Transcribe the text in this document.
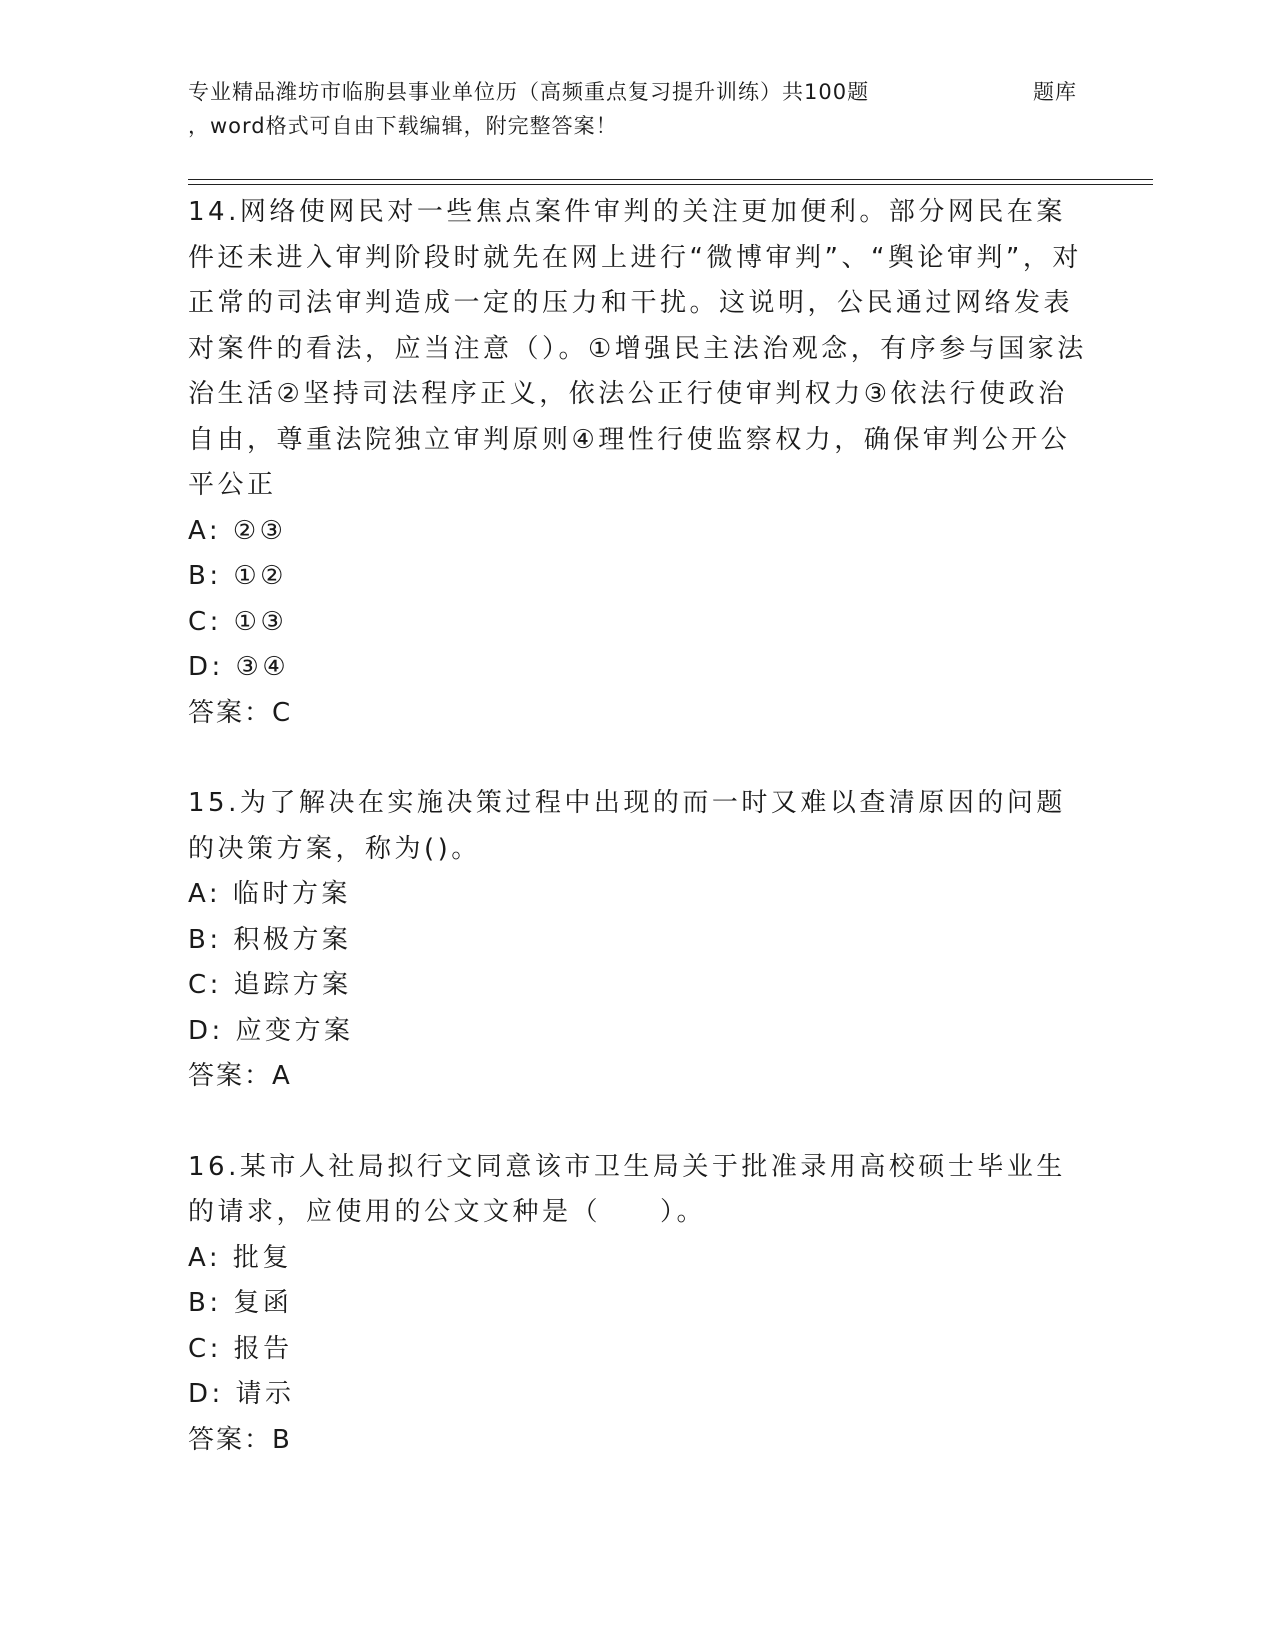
专业精品潍坊市临朐县事业单位历（高频重点复习提升训练）共100题	题库
，word格式可自由下载编辑，附完整答案！

14.网络使网民对一些焦点案件审判的关注更加便利。部分网民在案件还未进入审判阶段时就先在网上进行“微博审判”、“舆论审判”，对正常的司法审判造成一定的压力和干扰。这说明，公民通过网络发表对案件的看法，应当注意（）。①增强民主法治观念，有序参与国家法治生活②坚持司法程序正义，依法公正行使审判权力③依法行使政治自由，尊重法院独立审判原则④理性行使监察权力，确保审判公开公平公正

A: ②③
B: ①②
C: ①③
D: ③④
答案：C

15.为了解决在实施决策过程中出现的而一时又难以查清原因的问题的决策方案，称为()。

A: 临时方案
B: 积极方案
C: 追踪方案
D: 应变方案
答案：A

16.某市人社局拟行文同意该市卫生局关于批准录用高校硕士毕业生的请求，应使用的公文文种是（　　）。

A: 批复
B: 复函
C: 报告
D: 请示
答案：B
